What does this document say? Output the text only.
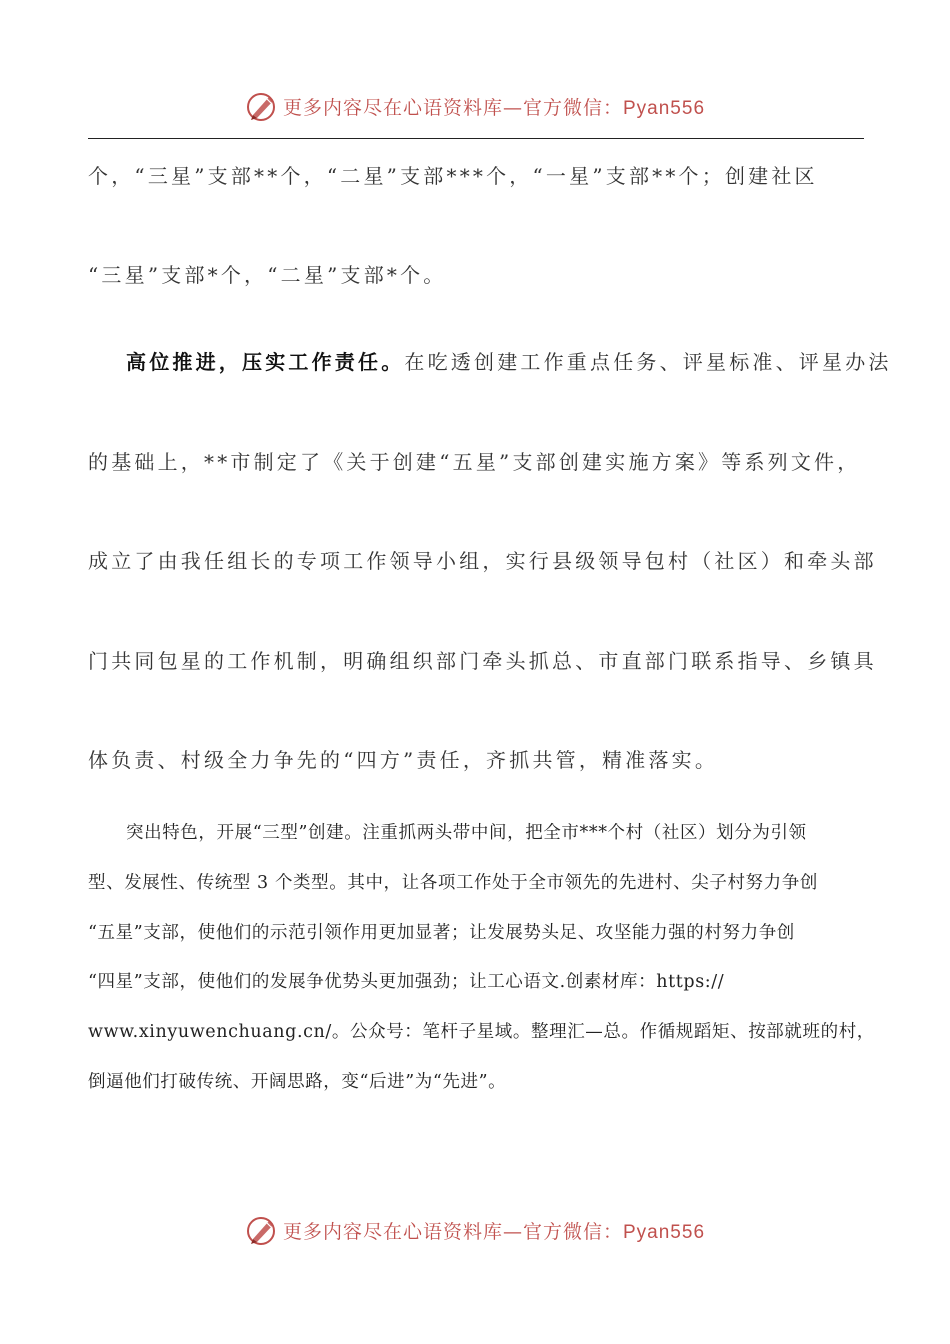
更多内容尽在心语资料库—官方微信：Pyan556
个，“三星”支部**个，“二星”支部***个，“一星”支部**个；创建社区
“三星”支部*个，“二星”支部*个。
高位推进，压实工作责任。在吃透创建工作重点任务、评星标准、评星办法
的基础上，**市制定了《关于创建“五星”支部创建实施方案》等系列文件，
成立了由我任组长的专项工作领导小组，实行县级领导包村（社区）和牵头部
门共同包星的工作机制，明确组织部门牵头抓总、市直部门联系指导、乡镇具
体负责、村级全力争先的“四方”责任，齐抓共管，精准落实。
突出特色，开展“三型”创建。注重抓两头带中间，把全市***个村（社区）划分为引领
型、发展性、传统型 3 个类型。其中，让各项工作处于全市领先的先进村、尖子村努力争创
“五星”支部，使他们的示范引领作用更加显著；让发展势头足、攻坚能力强的村努力争创
“四星”支部，使他们的发展争优势头更加强劲；让工心语文.创素材库：https://
www.xinyuwenchuang.cn/。公众号：笔杆子星域。整理汇—总。作循规蹈矩、按部就班的村，
倒逼他们打破传统、开阔思路，变“后进”为“先进”。
更多内容尽在心语资料库—官方微信：Pyan556
